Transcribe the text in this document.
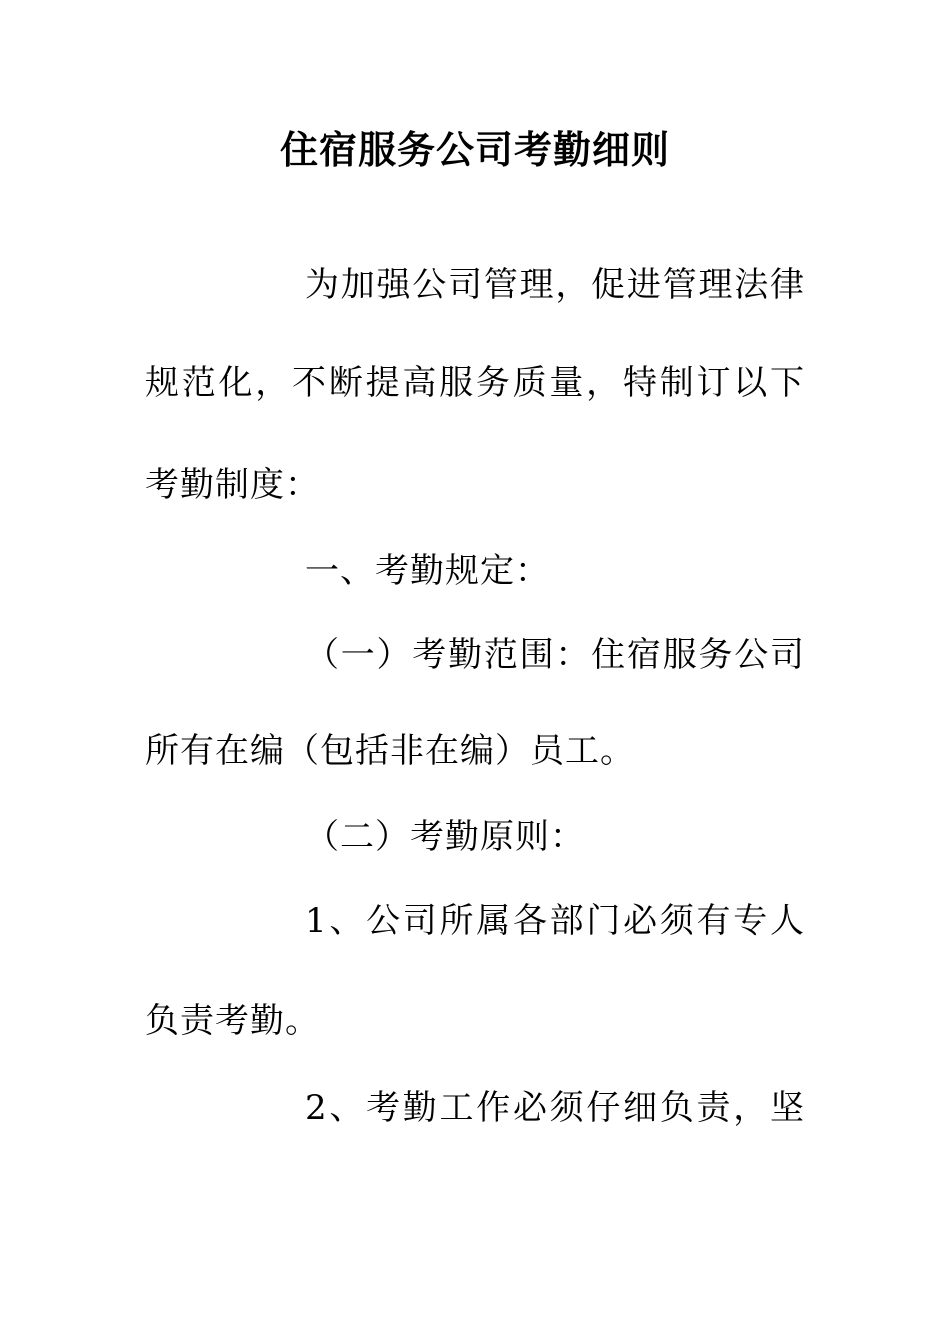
住宿服务公司考勤细则
为加强公司管理，促进管理法律
规范化，不断提高服务质量，特制订以下
考勤制度：
一、考勤规定：
（一）考勤范围：住宿服务公司
所有在编（包括非在编）员工。
（二）考勤原则：
1、公司所属各部门必须有专人
负责考勤。
2、考勤工作必须仔细负责，坚
